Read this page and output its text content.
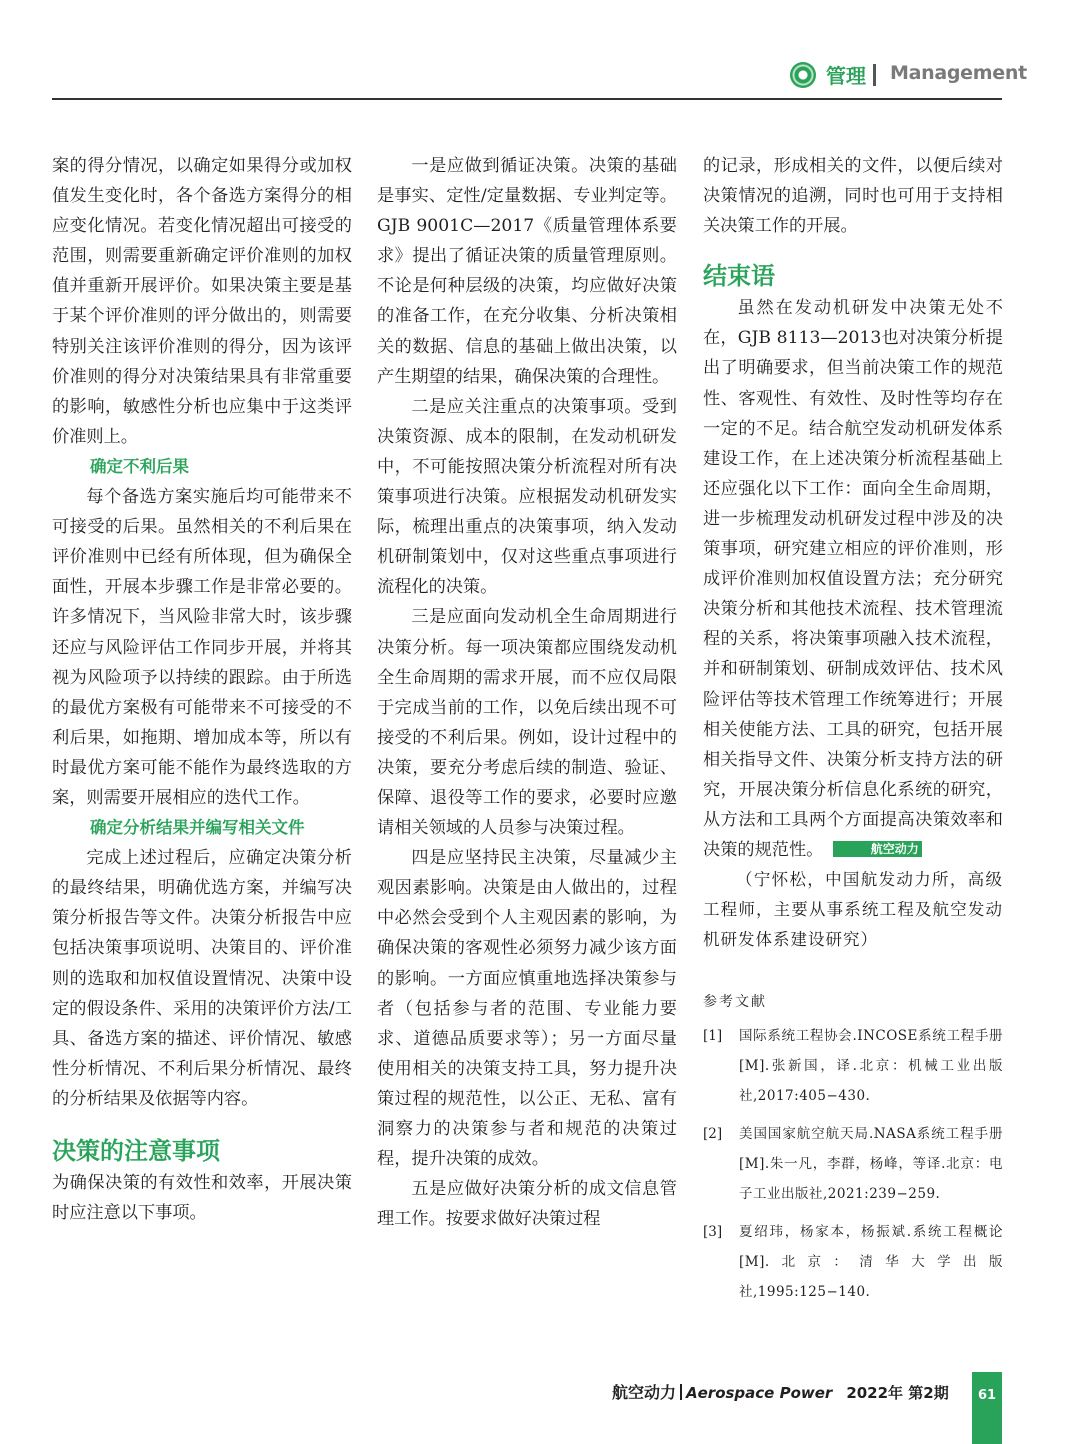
管理 Management

案的得分情况，以确定如果得分或加权值发生变化时，各个备选方案得分的相应变化情况。若变化情况超出可接受的范围，则需要重新确定评价准则的加权值并重新开展评价。如果决策主要是基于某个评价准则的评分做出的，则需要特别关注该评价准则的得分，因为该评价准则的得分对决策结果具有非常重要的影响，敏感性分析也应集中于这类评价准则上。

确定不利后果

每个备选方案实施后均可能带来不可接受的后果。虽然相关的不利后果在评价准则中已经有所体现，但为确保全面性，开展本步骤工作是非常必要的。许多情况下，当风险非常大时，该步骤还应与风险评估工作同步开展，并将其视为风险项予以持续的跟踪。由于所选的最优方案极有可能带来不可接受的不利后果，如拖期、增加成本等，所以有时最优方案可能不能作为最终选取的方案，则需要开展相应的迭代工作。

确定分析结果并编写相关文件

完成上述过程后，应确定决策分析的最终结果，明确优选方案，并编写决策分析报告等文件。决策分析报告中应包括决策事项说明、决策目的、评价准则的选取和加权值设置情况、决策中设定的假设条件、采用的决策评价方法/工具、备选方案的描述、评价情况、敏感性分析情况、不利后果分析情况、最终的分析结果及依据等内容。

决策的注意事项

为确保决策的有效性和效率，开展决策时应注意以下事项。

一是应做到循证决策。决策的基础是事实、定性/定量数据、专业判定等。GJB 9001C—2017《质量管理体系要求》提出了循证决策的质量管理原则。不论是何种层级的决策，均应做好决策的准备工作，在充分收集、分析决策相关的数据、信息的基础上做出决策，以产生期望的结果，确保决策的合理性。

二是应关注重点的决策事项。受到决策资源、成本的限制，在发动机研发中，不可能按照决策分析流程对所有决策事项进行决策。应根据发动机研发实际，梳理出重点的决策事项，纳入发动机研制策划中，仅对这些重点事项进行流程化的决策。

三是应面向发动机全生命周期进行决策分析。每一项决策都应围绕发动机全生命周期的需求开展，而不应仅局限于完成当前的工作，以免后续出现不可接受的不利后果。例如，设计过程中的决策，要充分考虑后续的制造、验证、保障、退役等工作的要求，必要时应邀请相关领域的人员参与决策过程。

四是应坚持民主决策，尽量减少主观因素影响。决策是由人做出的，过程中必然会受到个人主观因素的影响，为确保决策的客观性必须努力减少该方面的影响。一方面应慎重地选择决策参与者（包括参与者的范围、专业能力要求、道德品质要求等）；另一方面尽量使用相关的决策支持工具，努力提升决策过程的规范性，以公正、无私、富有洞察力的决策参与者和规范的决策过程，提升决策的成效。

五是应做好决策分析的成文信息管理工作。按要求做好决策过程

的记录，形成相关的文件，以便后续对决策情况的追溯，同时也可用于支持相关决策工作的开展。

结束语

虽然在发动机研发中决策无处不在，GJB 8113—2013也对决策分析提出了明确要求，但当前决策工作的规范性、客观性、有效性、及时性等均存在一定的不足。结合航空发动机研发体系建设工作，在上述决策分析流程基础上还应强化以下工作：面向全生命周期，进一步梳理发动机研发过程中涉及的决策事项，研究建立相应的评价准则，形成评价准则加权值设置方法；充分研究决策分析和其他技术流程、技术管理流程的关系，将决策事项融入技术流程，并和研制策划、研制成效评估、技术风险评估等技术管理工作统筹进行；开展相关使能方法、工具的研究，包括开展相关指导文件、决策分析支持方法的研究，开展决策分析信息化系统的研究，从方法和工具两个方面提高决策效率和决策的规范性。	航空动力

（宁怀松，中国航发动力所，高级工程师，主要从事系统工程及航空发动机研发体系建设研究）

参考文献
[1]	国际系统工程协会.INCOSE系统工程手册[M].张新国，译.北京：机械工业出版社,2017:405−430.
[2]	美国国家航空航天局.NASA系统工程手册[M].朱一凡，李群，杨峰，等译.北京：电子工业出版社,2021:239−259.
[3]	夏绍玮，杨家本，杨振斌.系统工程概论[M].北京：清华大学出版社,1995:125−140.
航空动力 Aerospace Power 2022年 第2期	61
